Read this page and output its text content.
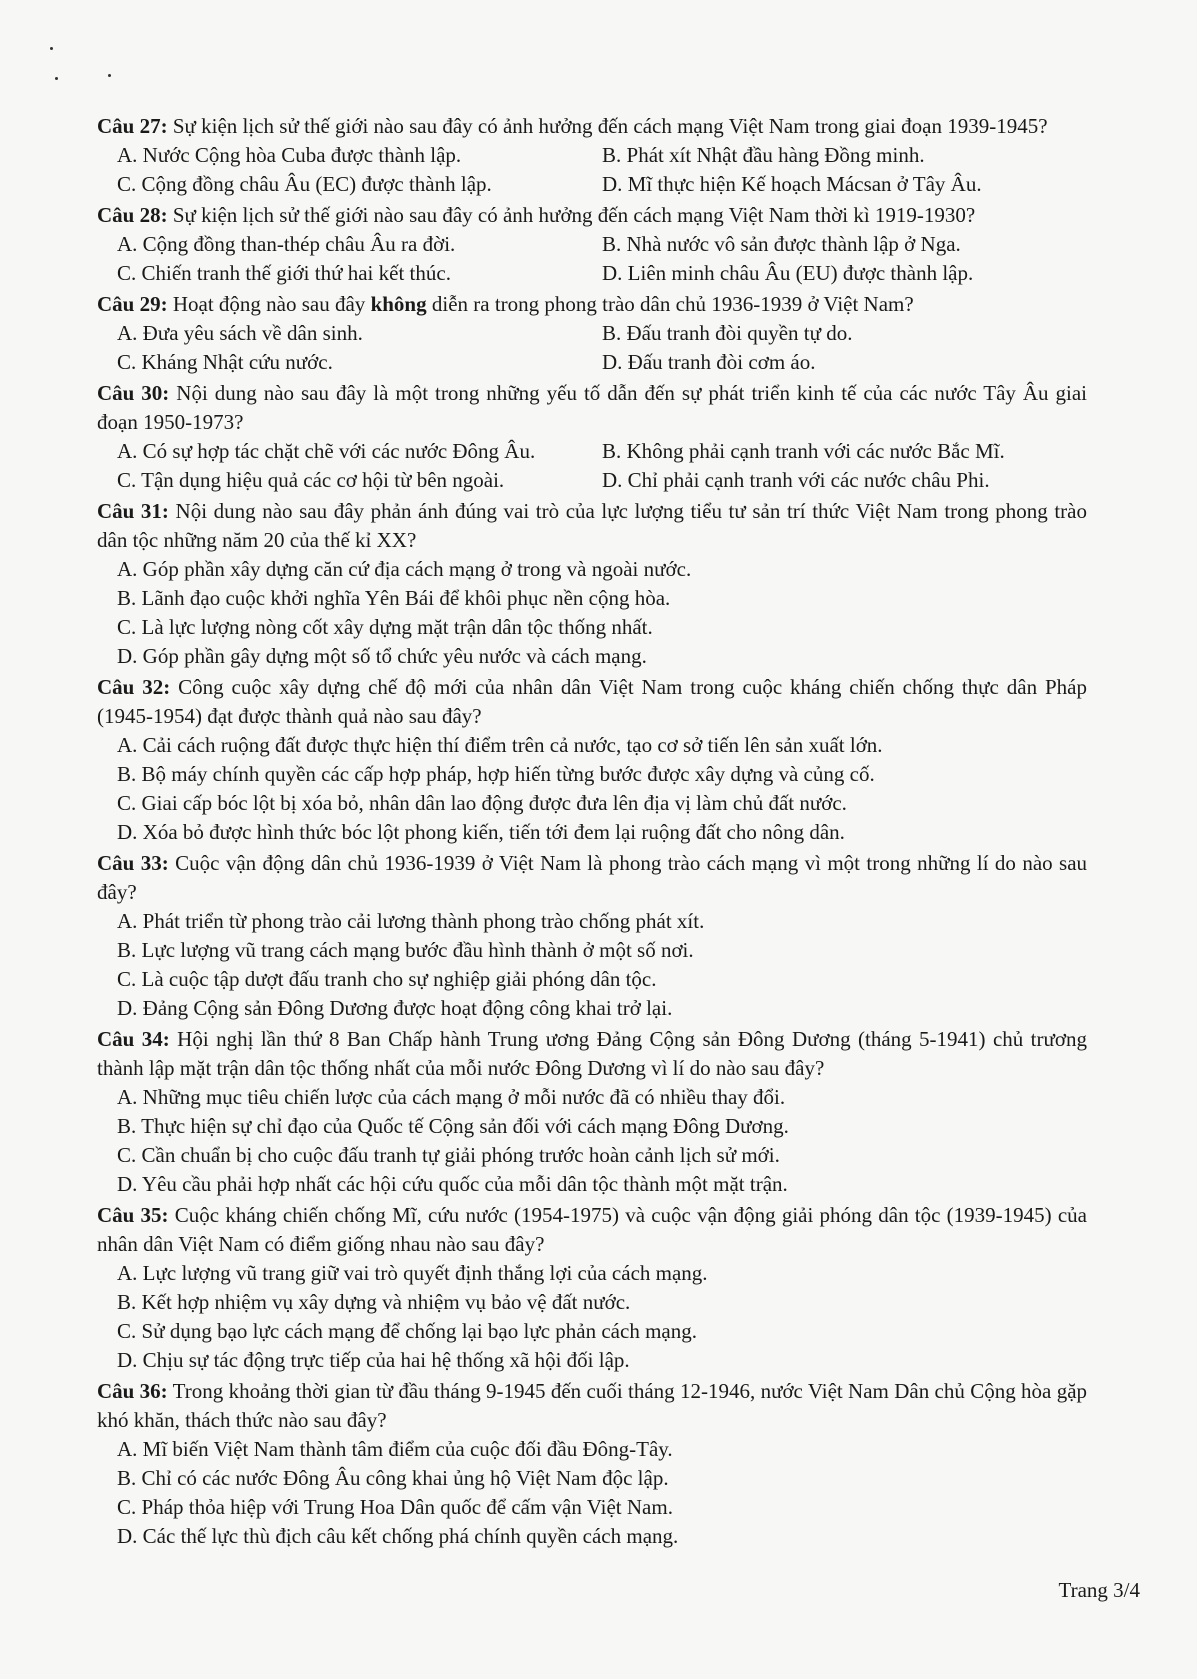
Câu 27: Sự kiện lịch sử thế giới nào sau đây có ảnh hưởng đến cách mạng Việt Nam trong giai đoạn 1939-1945?
A. Nước Cộng hòa Cuba được thành lập.	B. Phát xít Nhật đầu hàng Đồng minh.
C. Cộng đồng châu Âu (EC) được thành lập.	D. Mĩ thực hiện Kế hoạch Mácsan ở Tây Âu.
Câu 28: Sự kiện lịch sử thế giới nào sau đây có ảnh hưởng đến cách mạng Việt Nam thời kì 1919-1930?
A. Cộng đồng than-thép châu Âu ra đời.	B. Nhà nước vô sản được thành lập ở Nga.
C. Chiến tranh thế giới thứ hai kết thúc.	D. Liên minh châu Âu (EU) được thành lập.
Câu 29: Hoạt động nào sau đây không diễn ra trong phong trào dân chủ 1936-1939 ở Việt Nam?
A. Đưa yêu sách về dân sinh.	B. Đấu tranh đòi quyền tự do.
C. Kháng Nhật cứu nước.	D. Đấu tranh đòi cơm áo.
Câu 30: Nội dung nào sau đây là một trong những yếu tố dẫn đến sự phát triển kinh tế của các nước Tây Âu giai đoạn 1950-1973?
A. Có sự hợp tác chặt chẽ với các nước Đông Âu.	B. Không phải cạnh tranh với các nước Bắc Mĩ.
C. Tận dụng hiệu quả các cơ hội từ bên ngoài.	D. Chỉ phải cạnh tranh với các nước châu Phi.
Câu 31: Nội dung nào sau đây phản ánh đúng vai trò của lực lượng tiểu tư sản trí thức Việt Nam trong phong trào dân tộc những năm 20 của thế kỉ XX?
A. Góp phần xây dựng căn cứ địa cách mạng ở trong và ngoài nước.
B. Lãnh đạo cuộc khởi nghĩa Yên Bái để khôi phục nền cộng hòa.
C. Là lực lượng nòng cốt xây dựng mặt trận dân tộc thống nhất.
D. Góp phần gây dựng một số tổ chức yêu nước và cách mạng.
Câu 32: Công cuộc xây dựng chế độ mới của nhân dân Việt Nam trong cuộc kháng chiến chống thực dân Pháp (1945-1954) đạt được thành quả nào sau đây?
A. Cải cách ruộng đất được thực hiện thí điểm trên cả nước, tạo cơ sở tiến lên sản xuất lớn.
B. Bộ máy chính quyền các cấp hợp pháp, hợp hiến từng bước được xây dựng và củng cố.
C. Giai cấp bóc lột bị xóa bỏ, nhân dân lao động được đưa lên địa vị làm chủ đất nước.
D. Xóa bỏ được hình thức bóc lột phong kiến, tiến tới đem lại ruộng đất cho nông dân.
Câu 33: Cuộc vận động dân chủ 1936-1939 ở Việt Nam là phong trào cách mạng vì một trong những lí do nào sau đây?
A. Phát triển từ phong trào cải lương thành phong trào chống phát xít.
B. Lực lượng vũ trang cách mạng bước đầu hình thành ở một số nơi.
C. Là cuộc tập dượt đấu tranh cho sự nghiệp giải phóng dân tộc.
D. Đảng Cộng sản Đông Dương được hoạt động công khai trở lại.
Câu 34: Hội nghị lần thứ 8 Ban Chấp hành Trung ương Đảng Cộng sản Đông Dương (tháng 5-1941) chủ trương thành lập mặt trận dân tộc thống nhất của mỗi nước Đông Dương vì lí do nào sau đây?
A. Những mục tiêu chiến lược của cách mạng ở mỗi nước đã có nhiều thay đổi.
B. Thực hiện sự chỉ đạo của Quốc tế Cộng sản đối với cách mạng Đông Dương.
C. Cần chuẩn bị cho cuộc đấu tranh tự giải phóng trước hoàn cảnh lịch sử mới.
D. Yêu cầu phải hợp nhất các hội cứu quốc của mỗi dân tộc thành một mặt trận.
Câu 35: Cuộc kháng chiến chống Mĩ, cứu nước (1954-1975) và cuộc vận động giải phóng dân tộc (1939-1945) của nhân dân Việt Nam có điểm giống nhau nào sau đây?
A. Lực lượng vũ trang giữ vai trò quyết định thắng lợi của cách mạng.
B. Kết hợp nhiệm vụ xây dựng và nhiệm vụ bảo vệ đất nước.
C. Sử dụng bạo lực cách mạng để chống lại bạo lực phản cách mạng.
D. Chịu sự tác động trực tiếp của hai hệ thống xã hội đối lập.
Câu 36: Trong khoảng thời gian từ đầu tháng 9-1945 đến cuối tháng 12-1946, nước Việt Nam Dân chủ Cộng hòa gặp khó khăn, thách thức nào sau đây?
A. Mĩ biến Việt Nam thành tâm điểm của cuộc đối đầu Đông-Tây.
B. Chỉ có các nước Đông Âu công khai ủng hộ Việt Nam độc lập.
C. Pháp thỏa hiệp với Trung Hoa Dân quốc để cấm vận Việt Nam.
D. Các thế lực thù địch câu kết chống phá chính quyền cách mạng.
Trang 3/4
